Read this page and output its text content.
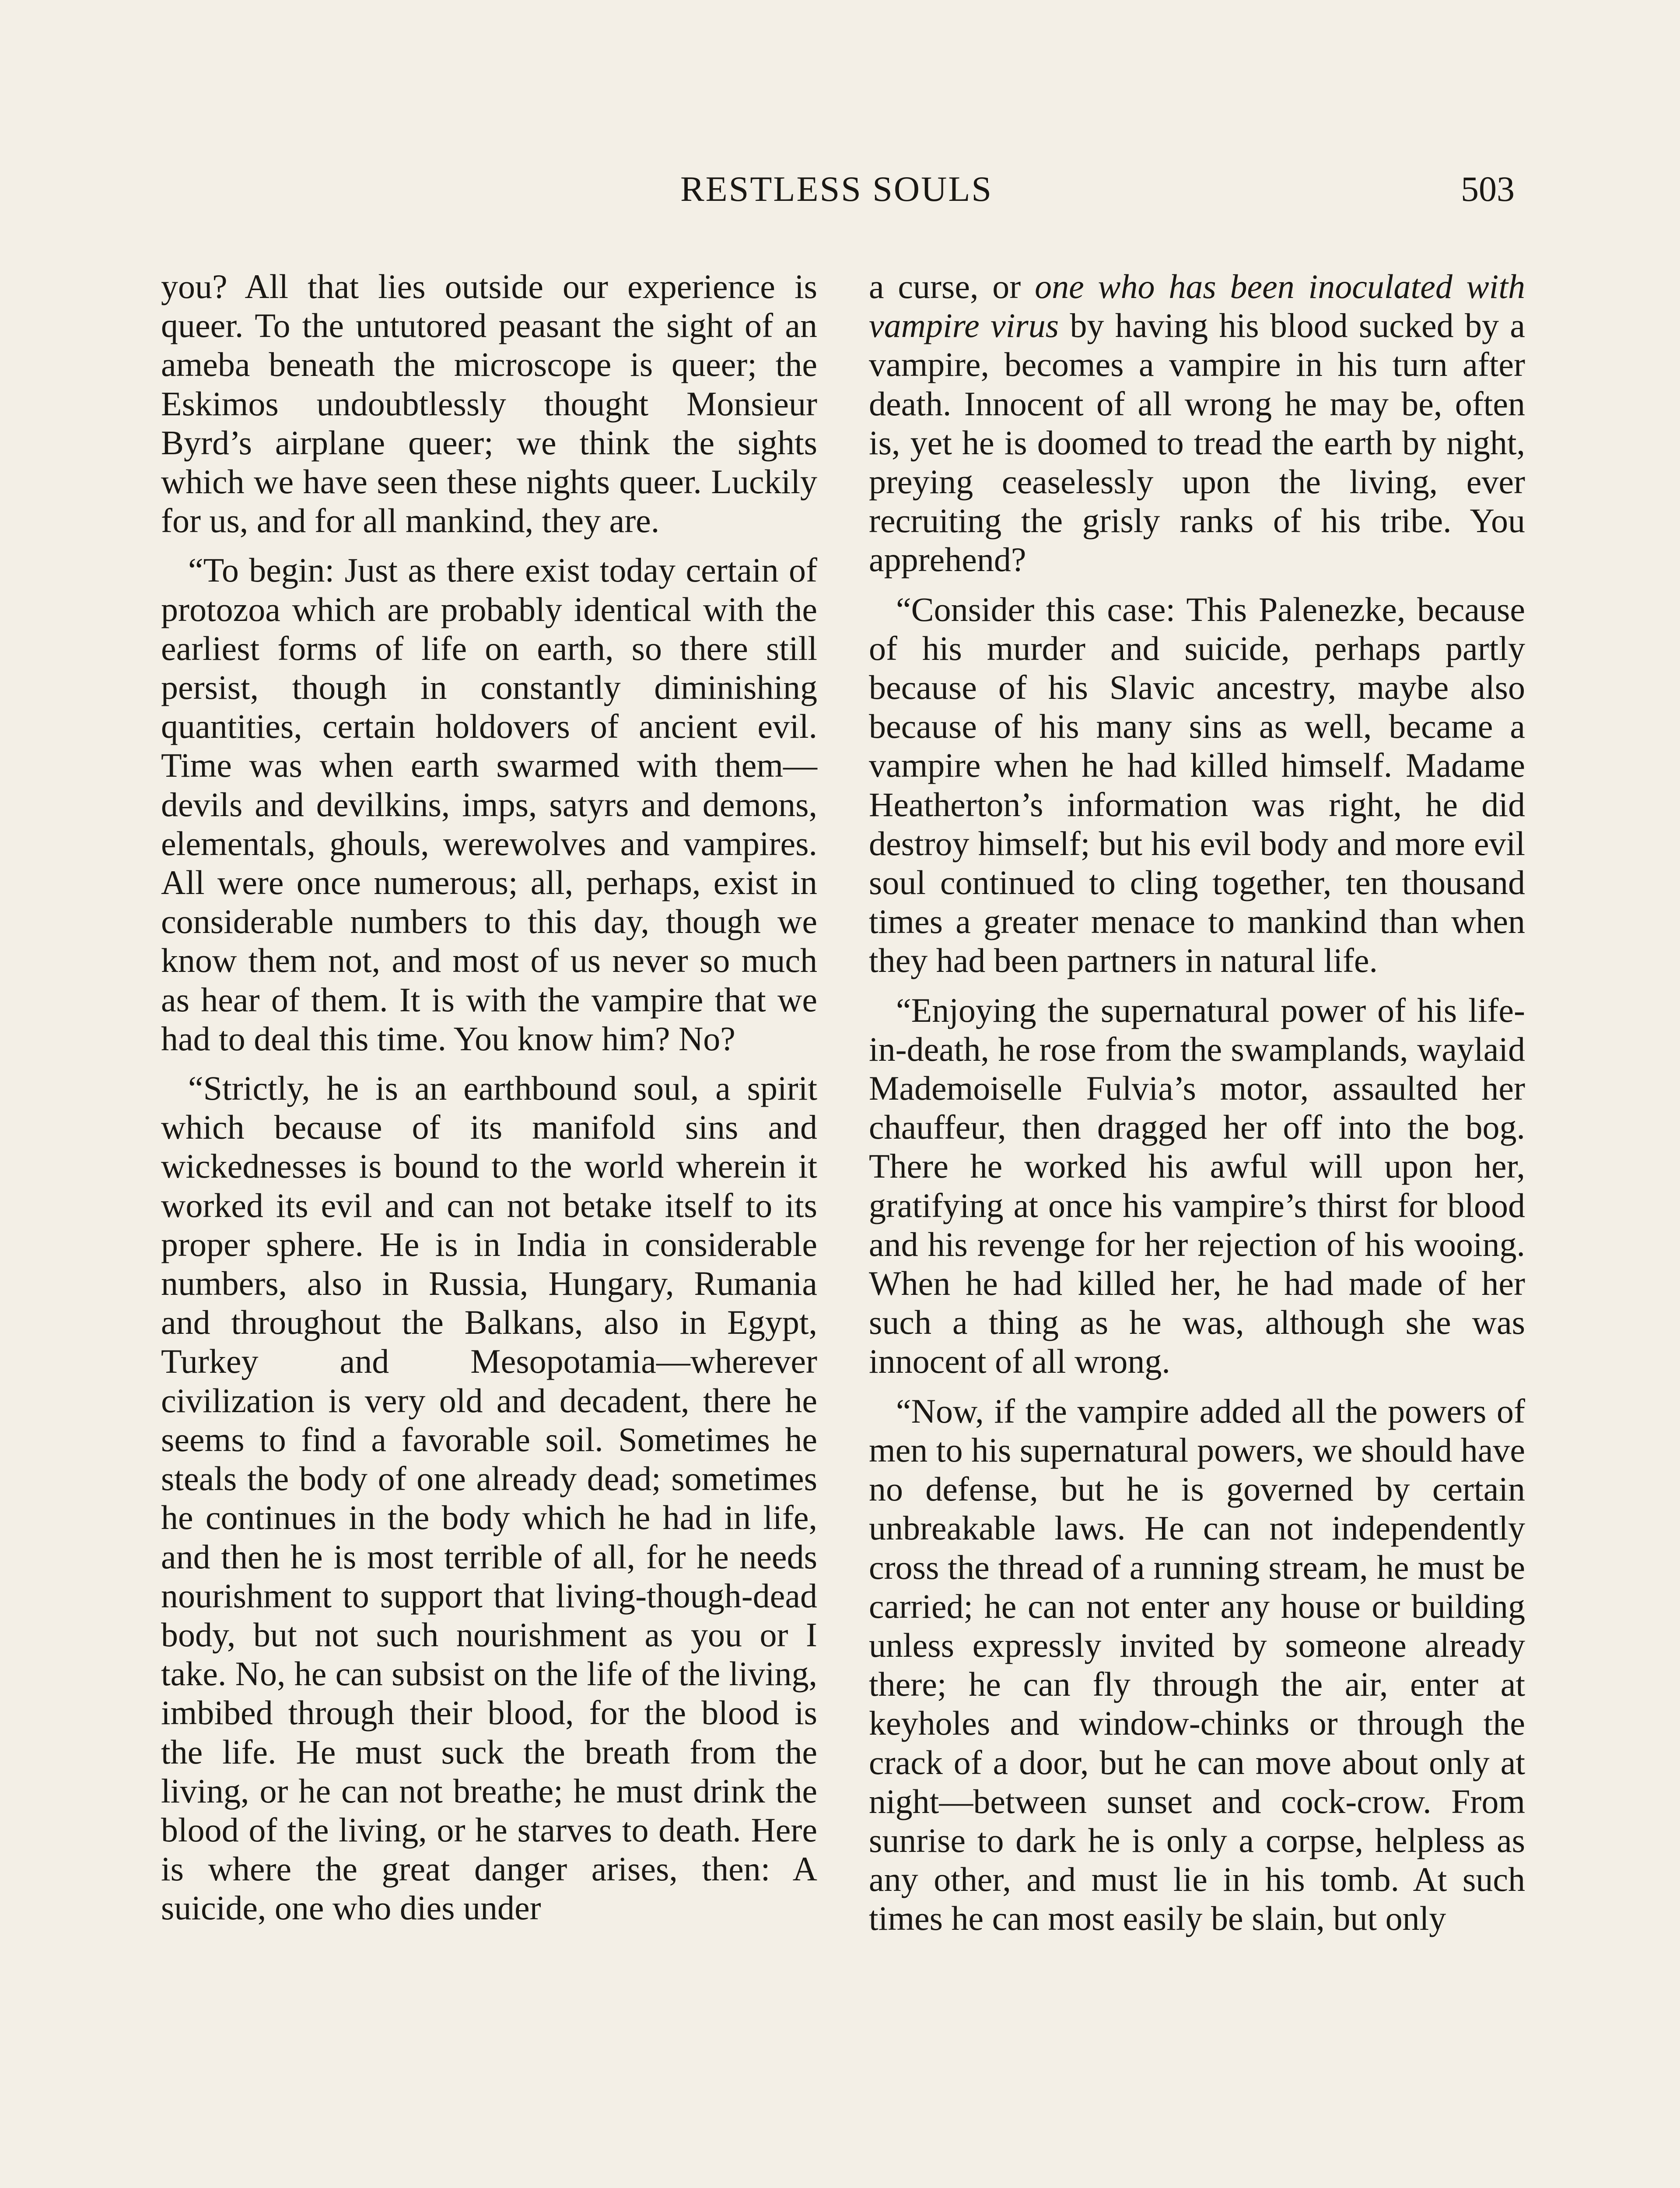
RESTLESS SOULS	503

you? All that lies outside our experience is queer. To the untutored peasant the sight of an ameba beneath the microscope is queer; the Eskimos undoubtlessly thought Monsieur Byrd’s airplane queer; we think the sights which we have seen these nights queer. Luckily for us, and for all mankind, they are.

“To begin: Just as there exist today certain of protozoa which are probably identical with the earliest forms of life on earth, so there still persist, though in constantly diminishing quantities, certain holdovers of ancient evil. Time was when earth swarmed with them—devils and devilkins, imps, satyrs and demons, elementals, ghouls, werewolves and vampires. All were once numerous; all, perhaps, exist in considerable numbers to this day, though we know them not, and most of us never so much as hear of them. It is with the vampire that we had to deal this time. You know him? No?

“Strictly, he is an earthbound soul, a spirit which because of its manifold sins and wickednesses is bound to the world wherein it worked its evil and can not betake itself to its proper sphere. He is in India in considerable numbers, also in Russia, Hungary, Rumania and throughout the Balkans, also in Egypt, Turkey and Mesopotamia—wherever civilization is very old and decadent, there he seems to find a favorable soil. Sometimes he steals the body of one already dead; sometimes he continues in the body which he had in life, and then he is most terrible of all, for he needs nourishment to support that living-though-dead body, but not such nourishment as you or I take. No, he can subsist on the life of the living, imbibed through their blood, for the blood is the life. He must suck the breath from the living, or he can not breathe; he must drink the blood of the living, or he starves to death. Here is where the great danger arises, then: A suicide, one who dies under

a curse, or one who has been inoculated with vampire virus by having his blood sucked by a vampire, becomes a vampire in his turn after death. Innocent of all wrong he may be, often is, yet he is doomed to tread the earth by night, preying ceaselessly upon the living, ever recruiting the grisly ranks of his tribe. You apprehend?

“Consider this case: This Palenezke, because of his murder and suicide, perhaps partly because of his Slavic ancestry, maybe also because of his many sins as well, became a vampire when he had killed himself. Madame Heatherton’s information was right, he did destroy himself; but his evil body and more evil soul continued to cling together, ten thousand times a greater menace to mankind than when they had been partners in natural life.

“Enjoying the supernatural power of his life-in-death, he rose from the swamplands, waylaid Mademoiselle Fulvia’s motor, assaulted her chauffeur, then dragged her off into the bog. There he worked his awful will upon her, gratifying at once his vampire’s thirst for blood and his revenge for her rejection of his wooing. When he had killed her, he had made of her such a thing as he was, although she was innocent of all wrong.

“Now, if the vampire added all the powers of men to his supernatural powers, we should have no defense, but he is governed by certain unbreakable laws. He can not independently cross the thread of a running stream, he must be carried; he can not enter any house or building unless expressly invited by someone already there; he can fly through the air, enter at keyholes and window-chinks or through the crack of a door, but he can move about only at night—between sunset and cock-crow. From sunrise to dark he is only a corpse, helpless as any other, and must lie in his tomb. At such times he can most easily be slain, but only
